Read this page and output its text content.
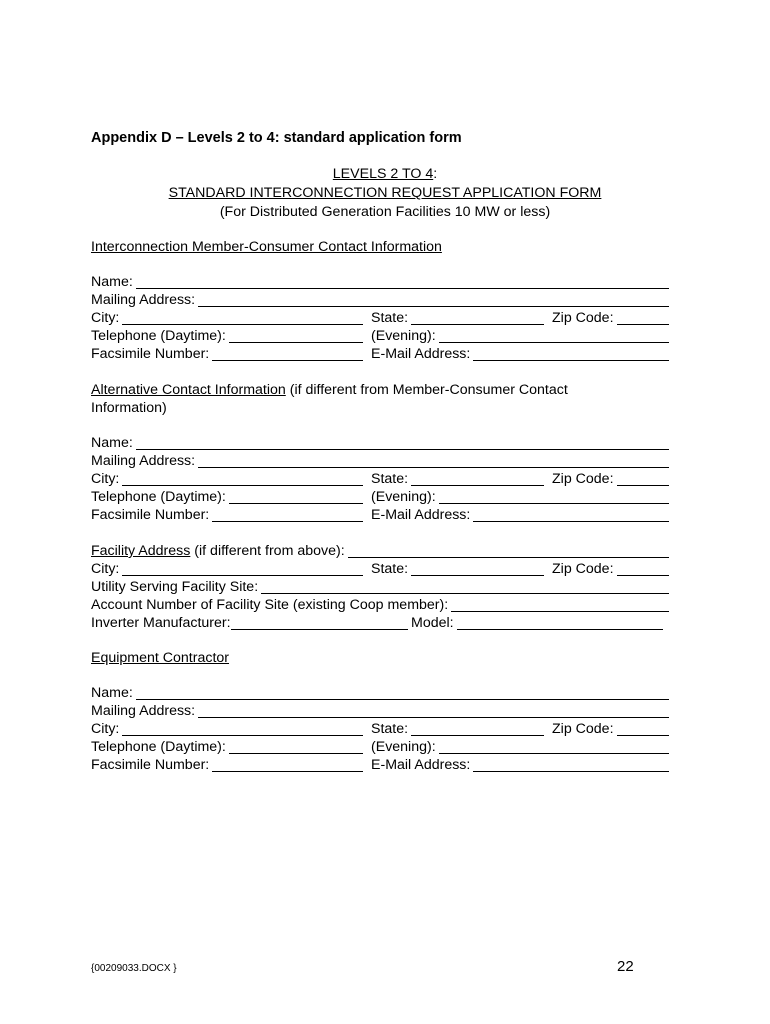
Appendix D – Levels 2 to 4: standard application form
LEVELS 2 TO 4:
STANDARD INTERCONNECTION REQUEST APPLICATION FORM
(For Distributed Generation Facilities 10 MW or less)
Interconnection Member-Consumer Contact Information
Name:
Mailing Address:
City:	State:	Zip Code:
Telephone (Daytime):	(Evening):
Facsimile Number:	E-Mail Address:
Alternative Contact Information (if different from Member-Consumer Contact
Information)
Name:
Mailing Address:
City:	State:	Zip Code:
Telephone (Daytime):	(Evening):
Facsimile Number:	E-Mail Address:
Facility Address (if different from above):
City:	State:	Zip Code:
Utility Serving Facility Site:
Account Number of Facility Site (existing Coop member):
Inverter Manufacturer:	Model:
Equipment Contractor
Name:
Mailing Address:
City:	State:	Zip Code:
Telephone (Daytime):	(Evening):
Facsimile Number:	E-Mail Address:
{00209033.DOCX }	22
